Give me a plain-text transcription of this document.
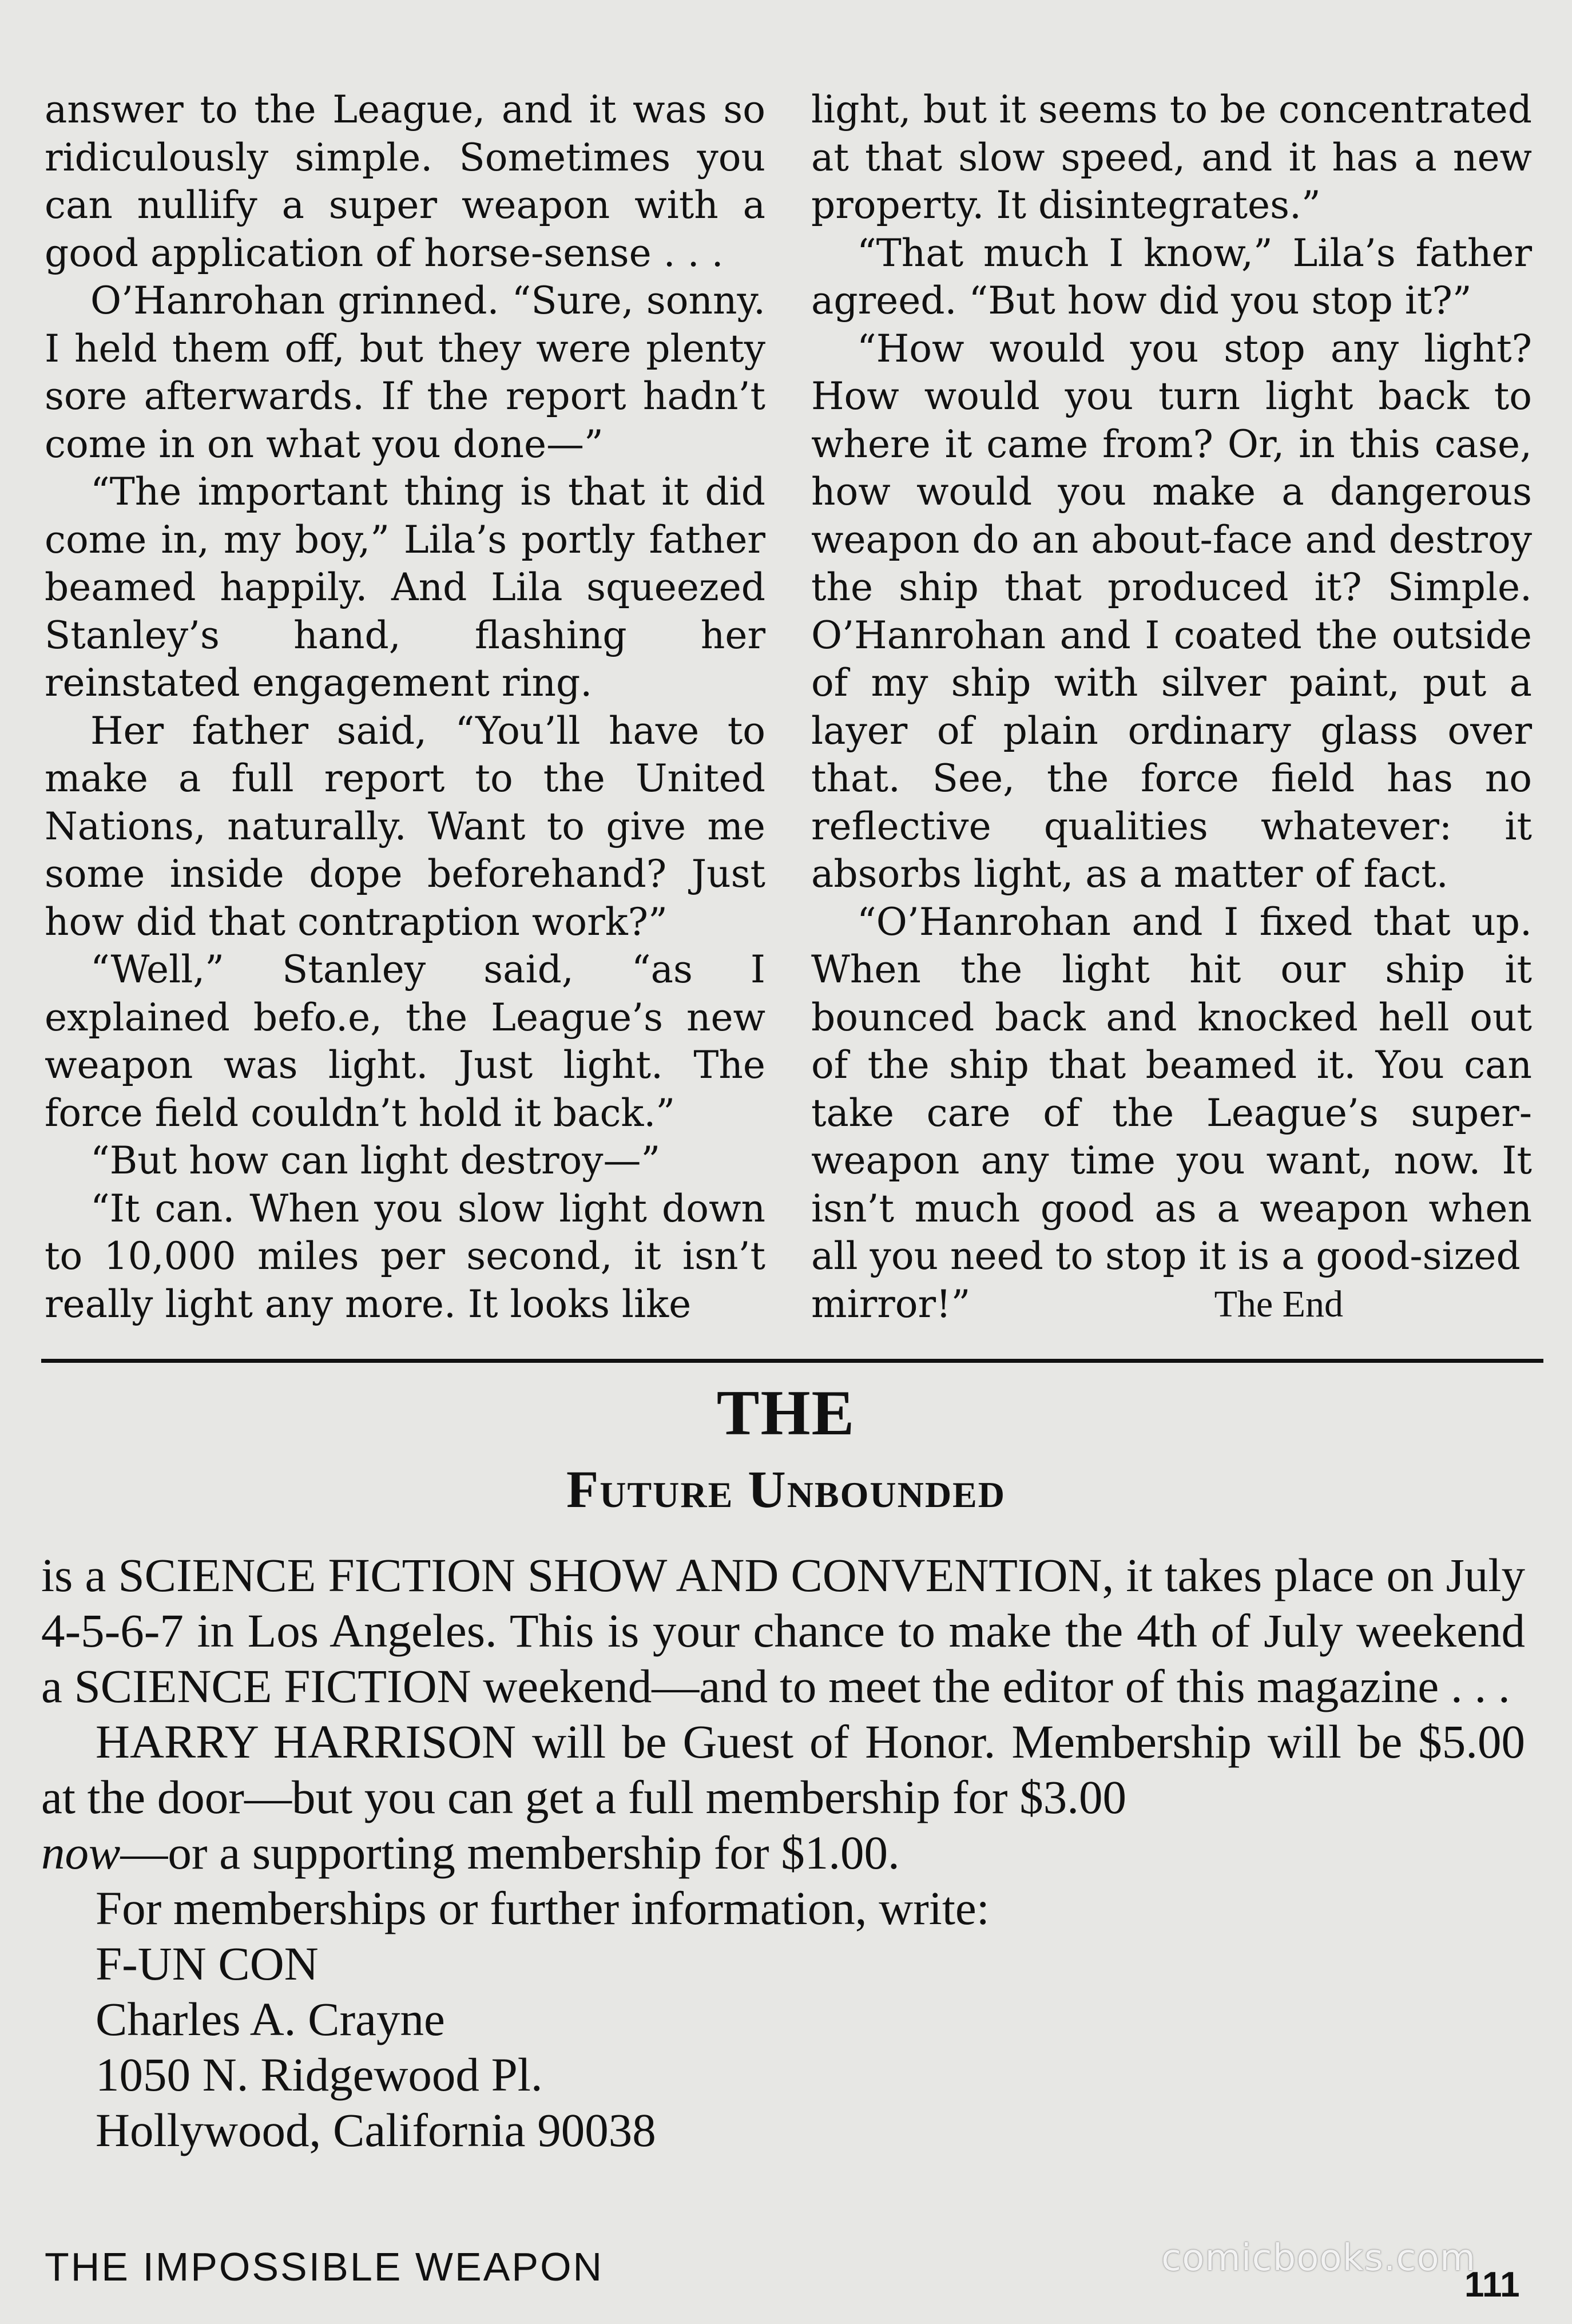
answer to the League, and it was so ridiculously simple. Sometimes you can nullify a super weapon with a good application of horse-sense . . .

O’Hanrohan grinned. “Sure, sonny. I held them off, but they were plenty sore afterwards. If the report hadn’t come in on what you done—”

“The important thing is that it did come in, my boy,” Lila’s portly father beamed happily. And Lila squeezed Stanley’s hand, flashing her reinstated engagement ring.

Her father said, “You’ll have to make a full report to the United Nations, naturally. Want to give me some inside dope beforehand? Just how did that contraption work?”

“Well,” Stanley said, “as I explained befo.e, the League’s new weapon was light. Just light. The force field couldn’t hold it back.”

“But how can light destroy—”

“It can. When you slow light down to 10,000 miles per second, it isn’t really light any more. It looks like

light, but it seems to be concentrated at that slow speed, and it has a new property. It disintegrates.”

“That much I know,” Lila’s father agreed. “But how did you stop it?”

“How would you stop any light? How would you turn light back to where it came from? Or, in this case, how would you make a dangerous weapon do an about-face and destroy the ship that produced it? Simple. O’Hanrohan and I coated the outside of my ship with silver paint, put a layer of plain ordinary glass over that. See, the force field has no reflective qualities whatever: it absorbs light, as a matter of fact.

“O’Hanrohan and I fixed that up. When the light hit our ship it bounced back and knocked hell out of the ship that beamed it. You can take care of the League’s super-weapon any time you want, now. It isn’t much good as a weapon when all you need to stop it is a good-sized

mirror!”	The End
THE
Future Unbounded

is a SCIENCE FICTION SHOW AND CONVENTION, it takes place on July 4-5-6-7 in Los Angeles. This is your chance to make the 4th of July weekend a SCIENCE FICTION weekend—and to meet the editor of this magazine . . .

HARRY HARRISON will be Guest of Honor. Membership will be $5.00 at the door—but you can get a full membership for $3.00
now—or a supporting membership for $1.00.

For memberships or further information, write:

F-UN CON
Charles A. Crayne
1050 N. Ridgewood Pl.
Hollywood, California 90038
THE IMPOSSIBLE WEAPON	comicbooks.com
111
